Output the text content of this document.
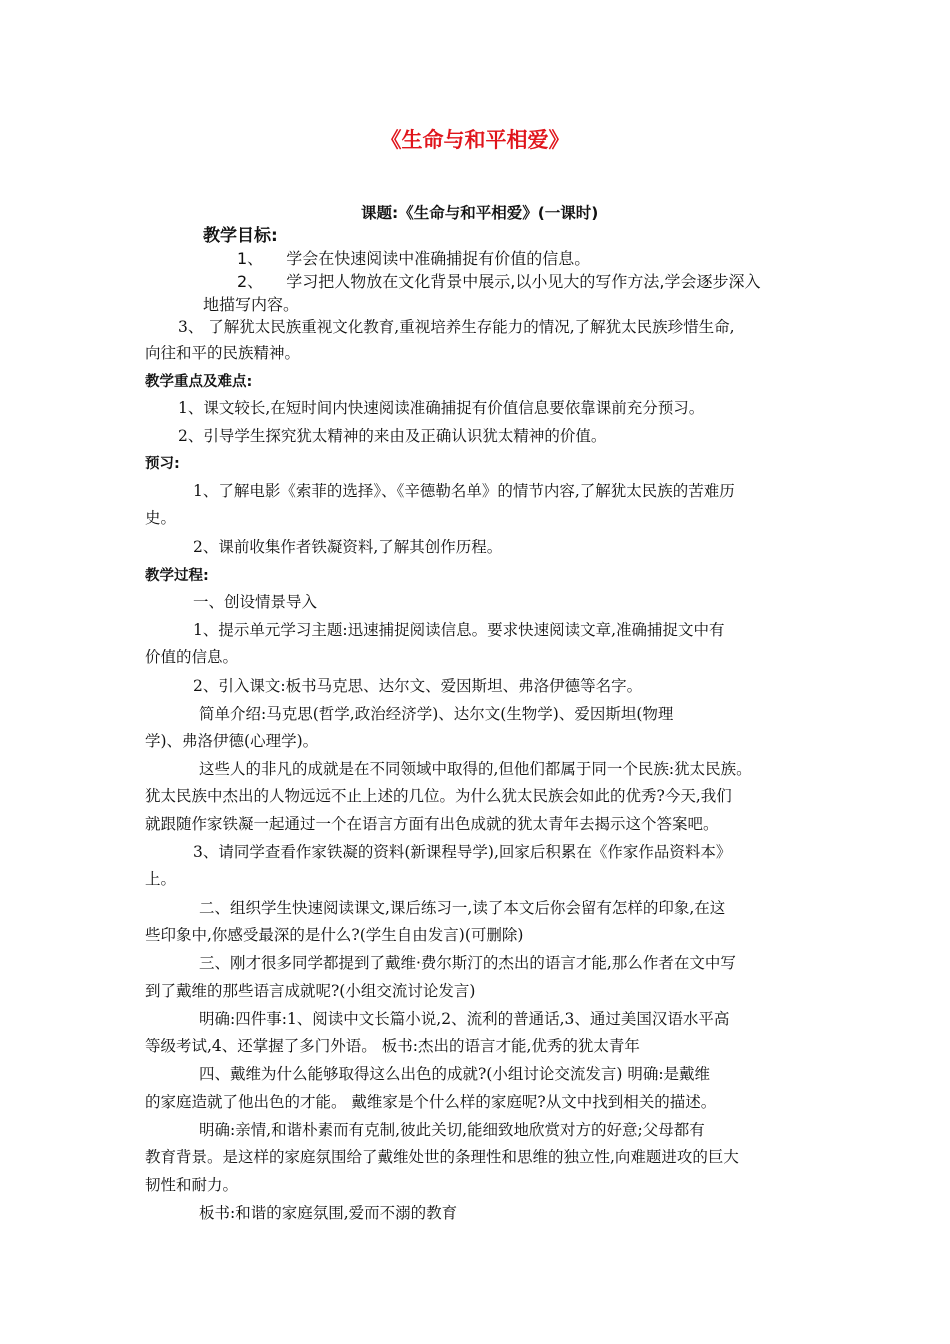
《生命与和平相爱》
课题:《生命与和平相爱》(一课时)
教学目标:
1、 学会在快速阅读中准确捕捉有价值的信息。
2、 学习把人物放在文化背景中展示,以小见大的写作方法,学会逐步深入
地描写内容。
3、 了解犹太民族重视文化教育,重视培养生存能力的情况,了解犹太民族珍惜生命,
向往和平的民族精神。
教学重点及难点:
1、课文较长,在短时间内快速阅读准确捕捉有价值信息要依靠课前充分预习。
2、引导学生探究犹太精神的来由及正确认识犹太精神的价值。
预习:
1、了解电影《索菲的选择》、《辛德勒名单》的情节内容,了解犹太民族的苦难历
史。
2、课前收集作者铁凝资料,了解其创作历程。
教学过程:
一、创设情景导入
1、提示单元学习主题:迅速捕捉阅读信息。要求快速阅读文章,准确捕捉文中有
价值的信息。
2、引入课文:板书马克思、达尔文、爱因斯坦、弗洛伊德等名字。
简单介绍:马克思(哲学,政治经济学)、达尔文(生物学)、爱因斯坦(物理
学)、弗洛伊德(心理学)。
这些人的非凡的成就是在不同领域中取得的,但他们都属于同一个民族:犹太民族。
犹太民族中杰出的人物远远不止上述的几位。为什么犹太民族会如此的优秀?今天,我们
就跟随作家铁凝一起通过一个在语言方面有出色成就的犹太青年去揭示这个答案吧。
3、请同学查看作家铁凝的资料(新课程导学),回家后积累在《作家作品资料本》
上。
二、组织学生快速阅读课文,课后练习一,读了本文后你会留有怎样的印象,在这
些印象中,你感受最深的是什么?(学生自由发言)(可删除)
三、刚才很多同学都提到了戴维·费尔斯汀的杰出的语言才能,那么作者在文中写
到了戴维的那些语言成就呢?(小组交流讨论发言)
明确:四件事:1、阅读中文长篇小说,2、流利的普通话,3、通过美国汉语水平高
等级考试,4、还掌握了多门外语。 板书:杰出的语言才能,优秀的犹太青年
四、戴维为什么能够取得这么出色的成就?(小组讨论交流发言) 明确:是戴维
的家庭造就了他出色的才能。 戴维家是个什么样的家庭呢?从文中找到相关的描述。
明确:亲情,和谐朴素而有克制,彼此关切,能细致地欣赏对方的好意;父母都有
教育背景。是这样的家庭氛围给了戴维处世的条理性和思维的独立性,向难题进攻的巨大
韧性和耐力。
板书:和谐的家庭氛围,爱而不溺的教育
